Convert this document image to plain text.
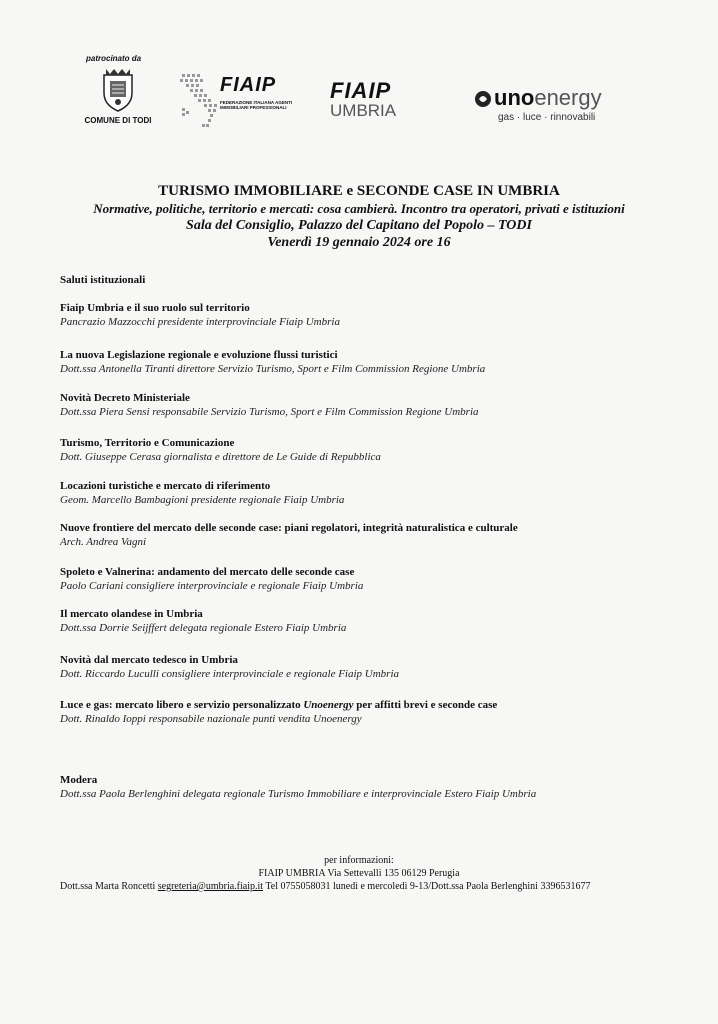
patrocinato da
COMUNE DI TODI
FIAIP
FEDERAZIONE ITALIANA AGENTI IMMOBILIARI PROFESSIONALI
FIAIP
UMBRIA
unoenergy
gas · luce · rinnovabili
TURISMO IMMOBILIARE e SECONDE CASE IN UMBRIA
Normative, politiche, territorio e mercati: cosa cambierà. Incontro tra operatori, privati e istituzioni
Sala del Consiglio, Palazzo del Capitano del Popolo – TODI
Venerdì 19 gennaio 2024 ore 16
Saluti istituzionali
Fiaip Umbria e il suo ruolo sul territorio
Pancrazio Mazzocchi presidente interprovinciale Fiaip Umbria
La nuova Legislazione regionale e evoluzione flussi turistici
Dott.ssa Antonella Tiranti direttore Servizio Turismo, Sport e Film Commission Regione Umbria
Novità Decreto Ministeriale
Dott.ssa Piera Sensi responsabile Servizio Turismo, Sport e Film Commission Regione Umbria
Turismo, Territorio e Comunicazione
Dott. Giuseppe Cerasa giornalista e direttore de Le Guide di Repubblica
Locazioni turistiche e mercato di riferimento
Geom. Marcello Bambagioni presidente regionale Fiaip Umbria
Nuove frontiere del mercato delle seconde case: piani regolatori, integrità naturalistica e culturale
Arch. Andrea Vagni
Spoleto e Valnerina: andamento del mercato delle seconde case
Paolo Cariani consigliere interprovinciale e regionale Fiaip Umbria
Il mercato olandese in Umbria
Dott.ssa Dorrie Seijffert delegata regionale Estero Fiaip Umbria
Novità dal mercato tedesco in Umbria
Dott. Riccardo Luculli consigliere interprovinciale e regionale Fiaip Umbria
Luce e gas: mercato libero e servizio personalizzato Unoenergy per affitti brevi e seconde case
Dott. Rinaldo Ioppi responsabile nazionale punti vendita Unoenergy
Modera
Dott.ssa Paola Berlenghini delegata regionale Turismo Immobiliare e interprovinciale Estero Fiaip Umbria
per informazioni:
FIAIP UMBRIA Via Settevalli 135 06129 Perugia
Dott.ssa Marta Roncetti segreteria@umbria.fiaip.it Tel 0755058031 lunedì e mercoledì 9-13/Dott.ssa Paola Berlenghini 3396531677
